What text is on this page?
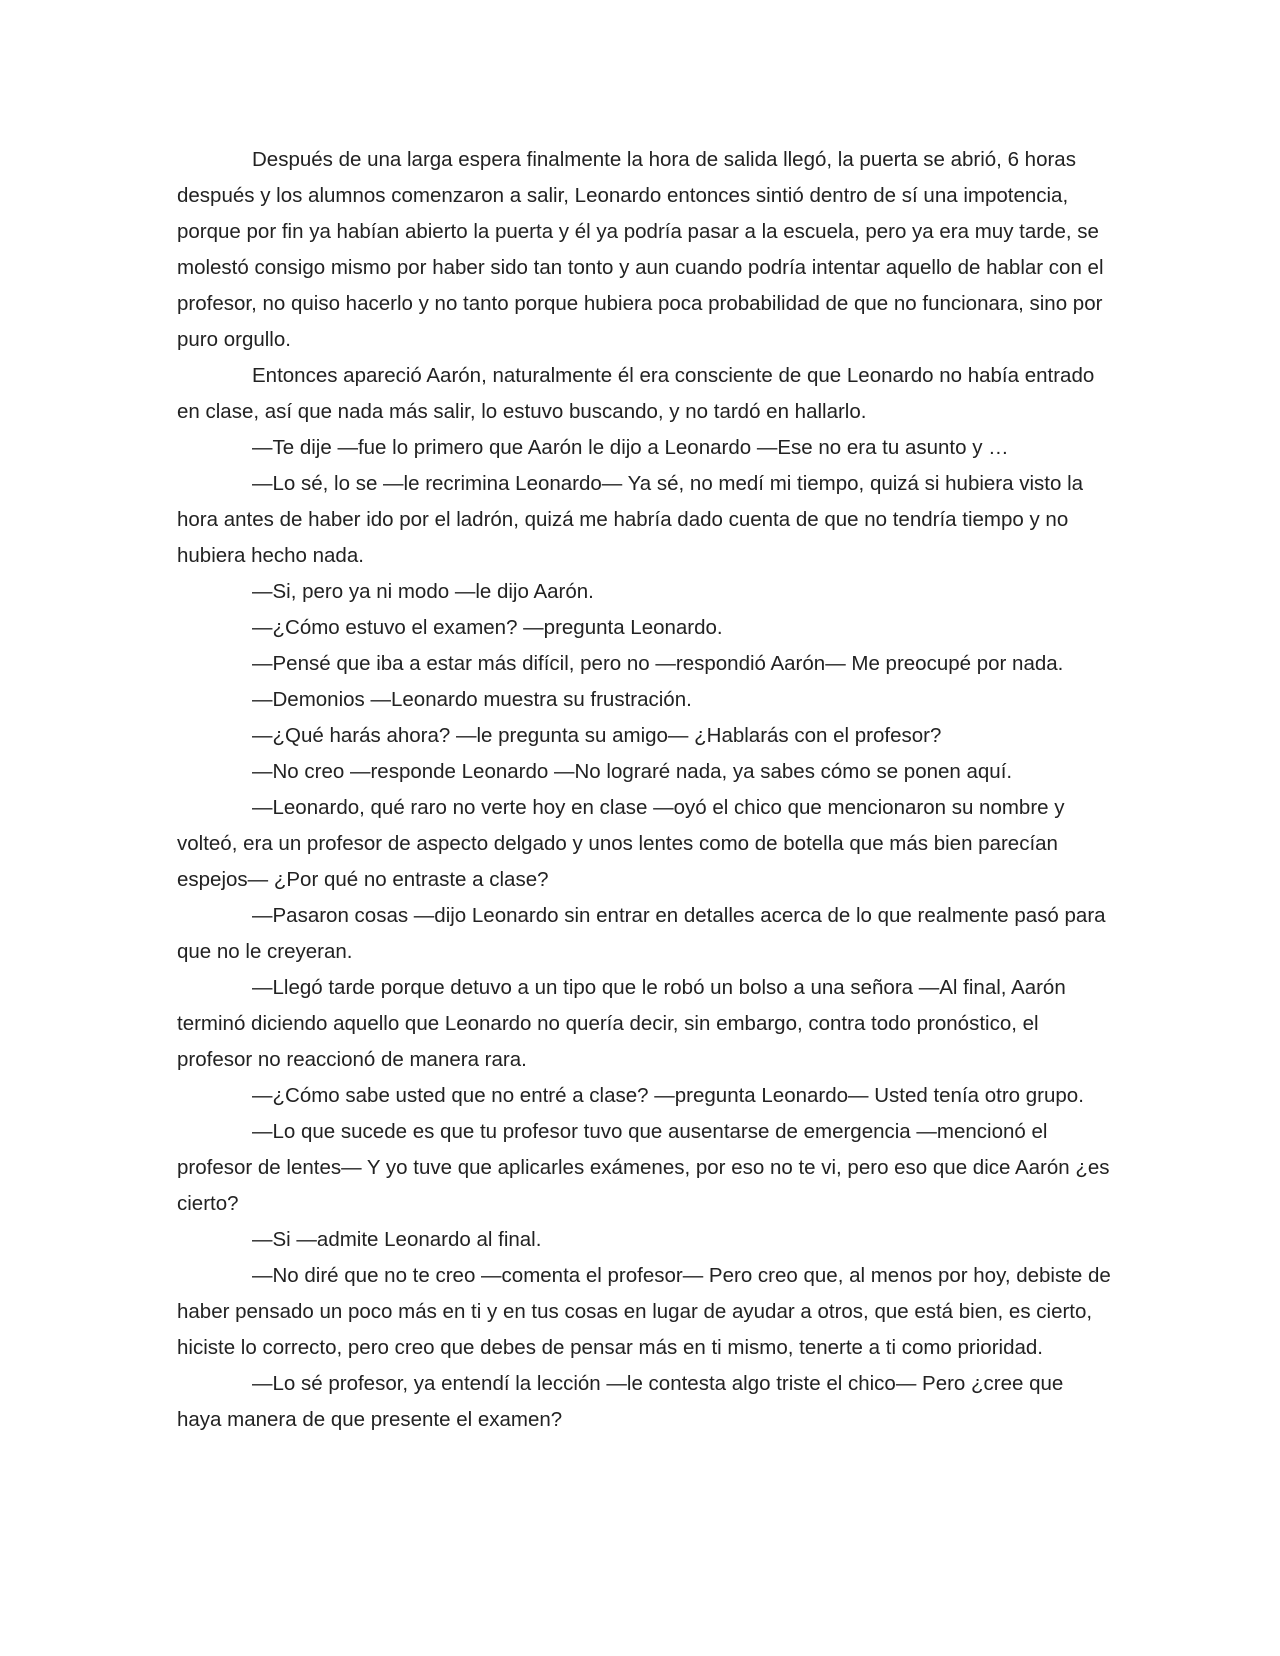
Después de una larga espera finalmente la hora de salida llegó, la puerta se abrió, 6 horas después y los alumnos comenzaron a salir, Leonardo entonces sintió dentro de sí una impotencia, porque por fin ya habían abierto la puerta y él ya podría pasar a la escuela, pero ya era muy tarde, se molestó consigo mismo por haber sido tan tonto y aun cuando podría intentar aquello de hablar con el profesor, no quiso hacerlo y no tanto porque hubiera poca probabilidad de que no funcionara, sino por puro orgullo.

Entonces apareció Aarón, naturalmente él era consciente de que Leonardo no había entrado en clase, así que nada más salir, lo estuvo buscando, y no tardó en hallarlo.

—Te dije —fue lo primero que Aarón le dijo a Leonardo —Ese no era tu asunto y …

—Lo sé, lo se —le recrimina Leonardo— Ya sé, no medí mi tiempo, quizá si hubiera visto la hora antes de haber ido por el ladrón, quizá me habría dado cuenta de que no tendría tiempo y no hubiera hecho nada.

—Si, pero ya ni modo —le dijo Aarón.

—¿Cómo estuvo el examen? —pregunta Leonardo.

—Pensé que iba a estar más difícil, pero no —respondió Aarón— Me preocupé por nada.

—Demonios —Leonardo muestra su frustración.

—¿Qué harás ahora? —le pregunta su amigo— ¿Hablarás con el profesor?

—No creo —responde Leonardo —No lograré nada, ya sabes cómo se ponen aquí.

—Leonardo, qué raro no verte hoy en clase —oyó el chico que mencionaron su nombre y volteó, era un profesor de aspecto delgado y unos lentes como de botella que más bien parecían espejos— ¿Por qué no entraste a clase?

—Pasaron cosas —dijo Leonardo sin entrar en detalles acerca de lo que realmente pasó para que no le creyeran.

—Llegó tarde porque detuvo a un tipo que le robó un bolso a una señora —Al final, Aarón terminó diciendo aquello que Leonardo no quería decir, sin embargo, contra todo pronóstico, el profesor no reaccionó de manera rara.

—¿Cómo sabe usted que no entré a clase? —pregunta Leonardo— Usted tenía otro grupo.

—Lo que sucede es que tu profesor tuvo que ausentarse de emergencia —mencionó el profesor de lentes— Y yo tuve que aplicarles exámenes, por eso no te vi, pero eso que dice Aarón ¿es cierto?

—Si —admite Leonardo al final.

—No diré que no te creo —comenta el profesor— Pero creo que, al menos por hoy, debiste de haber pensado un poco más en ti y en tus cosas en lugar de ayudar a otros, que está bien, es cierto, hiciste lo correcto, pero creo que debes de pensar más en ti mismo, tenerte a ti como prioridad.

—Lo sé profesor, ya entendí la lección —le contesta algo triste el chico— Pero ¿cree que haya manera de que presente el examen?
